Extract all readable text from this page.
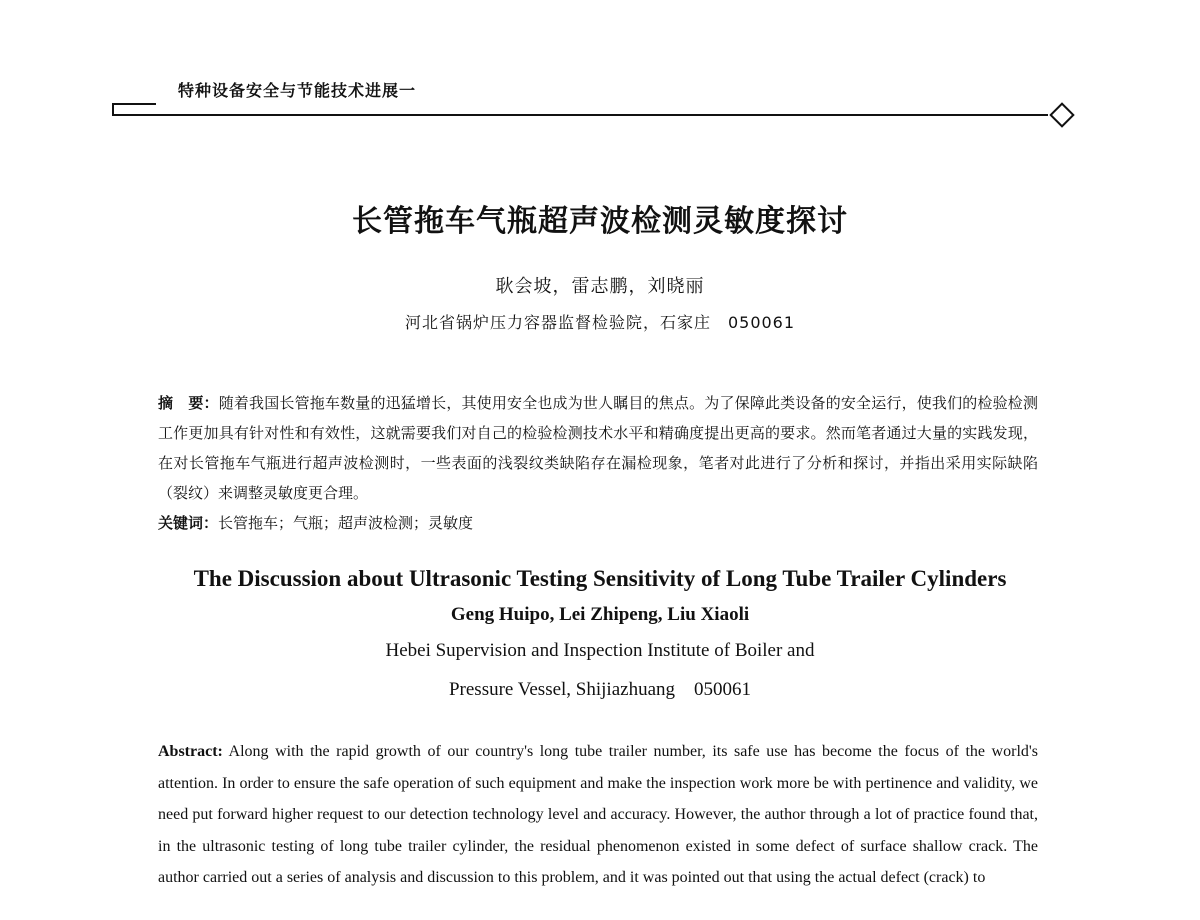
特种设备安全与节能技术进展一
长管拖车气瓶超声波检测灵敏度探讨
耿会坡，雷志鹏，刘晓丽
河北省锅炉压力容器监督检验院，石家庄　050061
摘　要：随着我国长管拖车数量的迅猛增长，其使用安全也成为世人瞩目的焦点。为了保障此类设备的安全运行，使我们的检验检测工作更加具有针对性和有效性，这就需要我们对自己的检验检测技术水平和精确度提出更高的要求。然而笔者通过大量的实践发现，在对长管拖车气瓶进行超声波检测时，一些表面的浅裂纹类缺陷存在漏检现象，笔者对此进行了分析和探讨，并指出采用实际缺陷（裂纹）来调整灵敏度更合理。
关键词：长管拖车；气瓶；超声波检测；灵敏度
The Discussion about Ultrasonic Testing Sensitivity of Long Tube Trailer Cylinders
Geng Huipo, Lei Zhipeng, Liu Xiaoli
Hebei Supervision and Inspection Institute of Boiler and
Pressure Vessel, Shijiazhuang　050061
Abstract: Along with the rapid growth of our country's long tube trailer number, its safe use has become the focus of the world's attention. In order to ensure the safe operation of such equipment and make the inspection work more be with pertinence and validity, we need put forward higher request to our detection technology level and accuracy. However, the author through a lot of practice found that, in the ultrasonic testing of long tube trailer cylinder, the residual phenomenon existed in some defect of surface shallow crack. The author carried out a series of analysis and discussion to this problem, and it was pointed out that using the actual defect (crack) to
